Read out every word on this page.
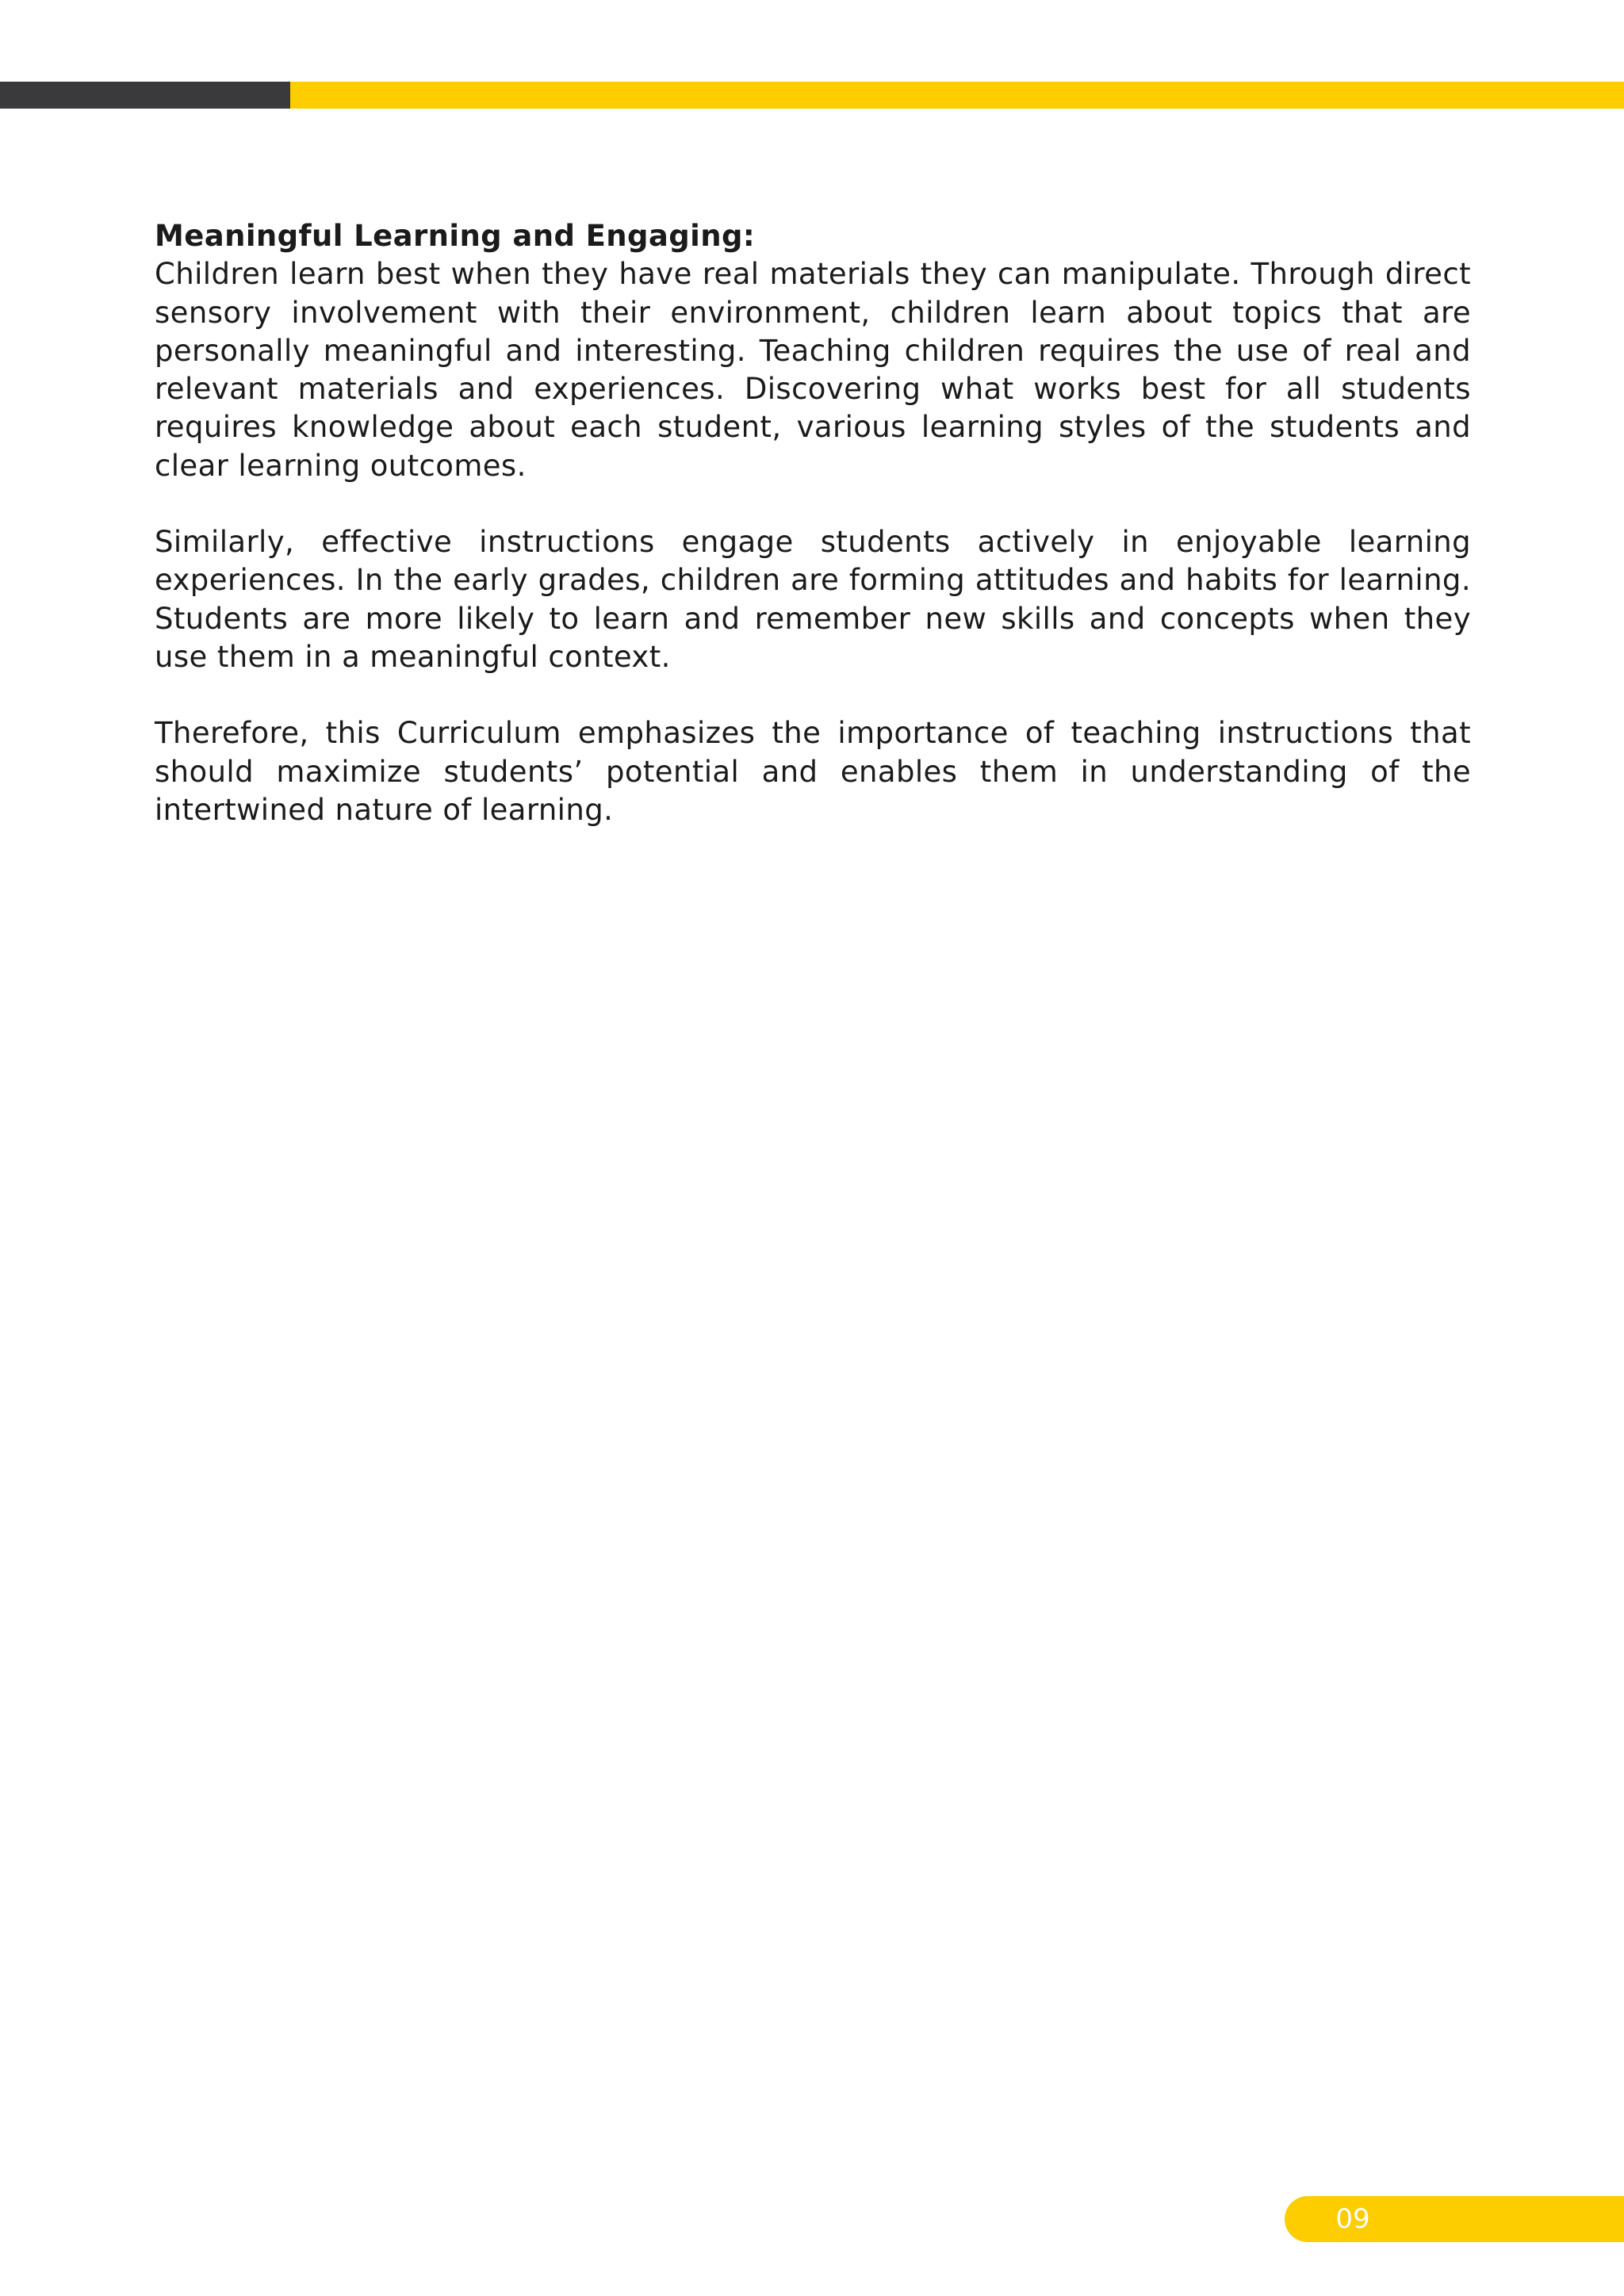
Meaningful Learning and Engaging:

Children learn best when they have real materials they can manipulate. Through direct sensory involvement with their environment, children learn about topics that are personally meaningful and interesting. Teaching children requires the use of real and relevant materials and experiences. Discovering what works best for all students requires knowledge about each student, various learning styles of the students and clear learning outcomes.

Similarly, effective instructions engage students actively in enjoyable learning experiences. In the early grades, children are forming attitudes and habits for learning. Students are more likely to learn and remember new skills and concepts when they use them in a meaningful context.

Therefore, this Curriculum emphasizes the importance of teaching instructions that should maximize students’ potential and enables them in understanding of the intertwined nature of learning.

09
